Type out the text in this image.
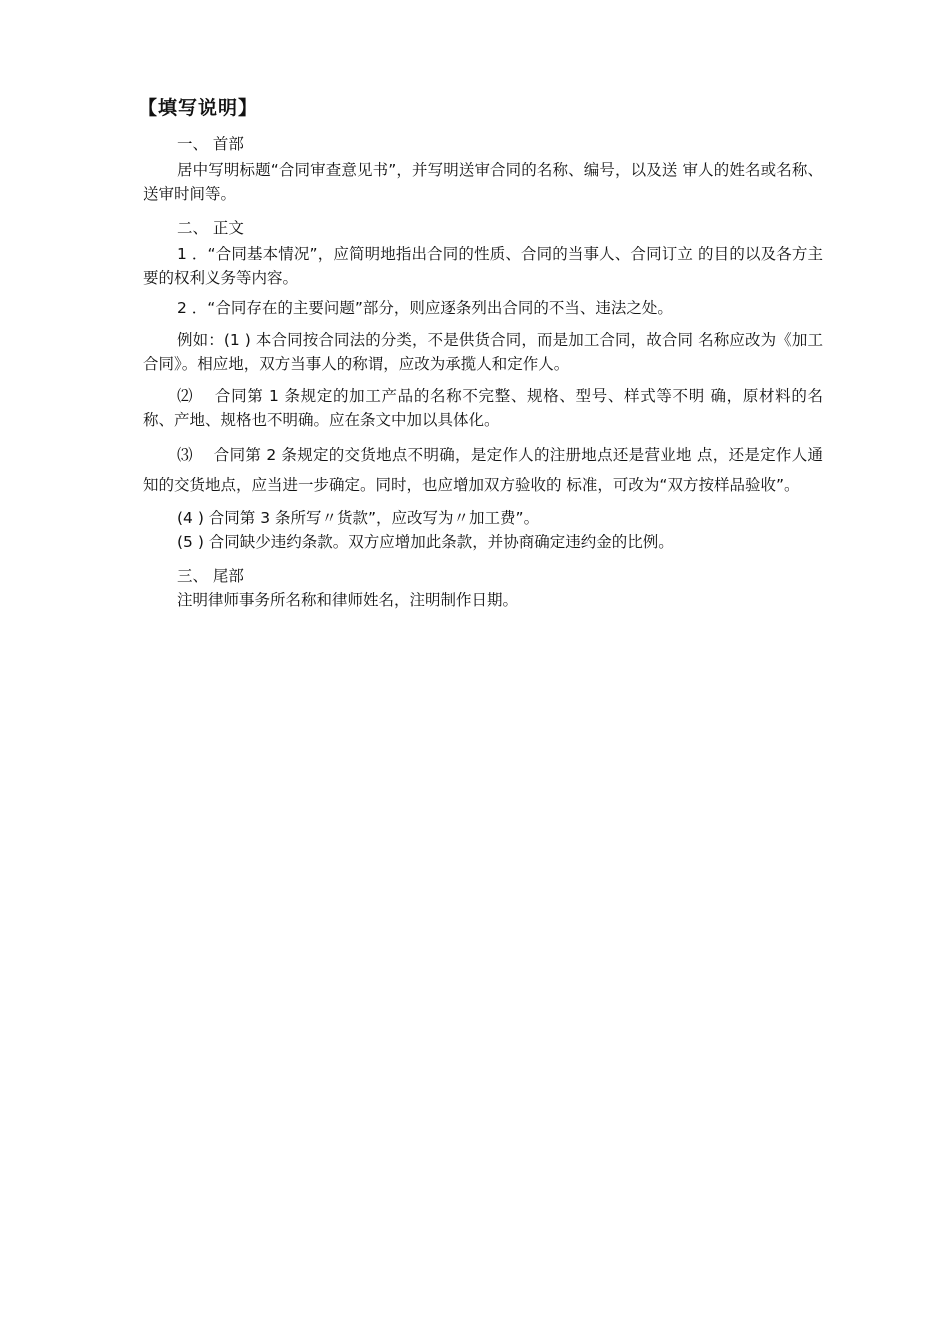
【填写说明】
一、 首部
居中写明标题“合同审查意见书”，并写明送审合同的名称、编号，以及送 审人的姓名或名称、送审时间等。
二、 正文
1 ．“合同基本情况”，应简明地指出合同的性质、合同的当事人、合同订立 的目的以及各方主要的权利义务等内容。
2 ．“合同存在的主要问题”部分，则应逐条列出合同的不当、违法之处。
例如：(1 ) 本合同按合同法的分类，不是供货合同，而是加工合同，故合同 名称应改为《加工合同》。相应地，双方当事人的称谓，应改为承揽人和定作人。
⑵　 合同第 1 条规定的加工产品的名称不完整、规格、型号、样式等不明 确，原材料的名称、产地、规格也不明确。应在条文中加以具体化。
⑶　 合同第 2 条规定的交货地点不明确，是定作人的注册地点还是营业地 点，还是定作人通知的交货地点，应当进一步确定。同时，也应增加双方验收的 标准，可改为“双方按样品验收”。
(4 ) 合同第 3 条所写〃货款”，应改写为〃加工费”。
(5 ) 合同缺少违约条款。双方应增加此条款，并协商确定违约金的比例。
三、 尾部
注明律师事务所名称和律师姓名，注明制作日期。
